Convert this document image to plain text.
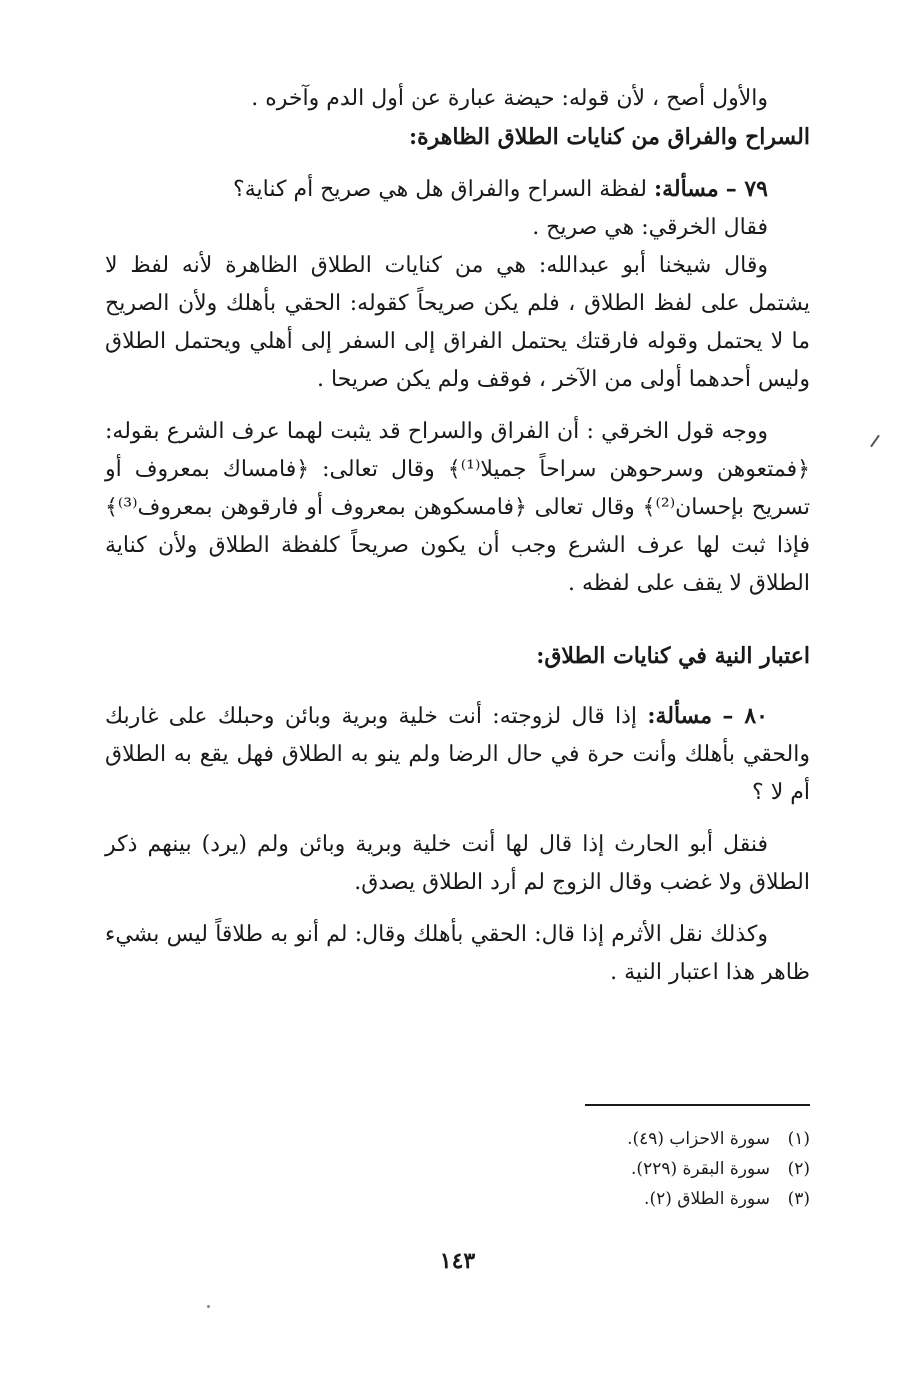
والأول أصح ، لأن قوله: حيضة عبارة عن أول الدم وآخره .

السراح والفراق من كنايات الطلاق الظاهرة:

٧٩ – مسألة: لفظة السراح والفراق هل هي صريح أم كناية؟

فقال الخرقي: هي صريح .

وقال شيخنا أبو عبدالله: هي من كنايات الطلاق الظاهرة لأنه لفظ لا يشتمل على لفظ الطلاق ، فلم يكن صريحاً كقوله: الحقي بأهلك ولأن الصريح ما لا يحتمل وقوله فارقتك يحتمل الفراق إلى السفر إلى أهلي ويحتمل الطلاق وليس أحدهما أولى من الآخر ، فوقف ولم يكن صريحا .

ووجه قول الخرقي : أن الفراق والسراح قد يثبت لهما عرف الشرع بقوله: ﴿فمتعوهن وسرحوهن سراحاً جميلا⁽¹⁾﴾ وقال تعالى: ﴿فامساك بمعروف أو تسريح بإحسان⁽²⁾﴾ وقال تعالى ﴿فامسكوهن بمعروف أو فارقوهن بمعروف⁽³⁾﴾ فإذا ثبت لها عرف الشرع وجب أن يكون صريحاً كلفظة الطلاق ولأن كناية الطلاق لا يقف على لفظه .

اعتبار النية في كنايات الطلاق:

٨٠ – مسألة: إذا قال لزوجته: أنت خلية وبرية وبائن وحبلك على غاربك والحقي بأهلك وأنت حرة في حال الرضا ولم ينو به الطلاق فهل يقع به الطلاق أم لا ؟

فنقل أبو الحارث إذا قال لها أنت خلية وبرية وبائن ولم (يرد) بينهم ذكر الطلاق ولا غضب وقال الزوج لم أرد الطلاق يصدق.

وكذلك نقل الأثرم إذا قال: الحقي بأهلك وقال: لم أنو به طلاقاً ليس بشيء ظاهر هذا اعتبار النية .

(١)سورة الاحزاب (٤٩).

(٢)سورة البقرة (٢٢٩).

(٣)سورة الطلاق (٢).

١٤٣
